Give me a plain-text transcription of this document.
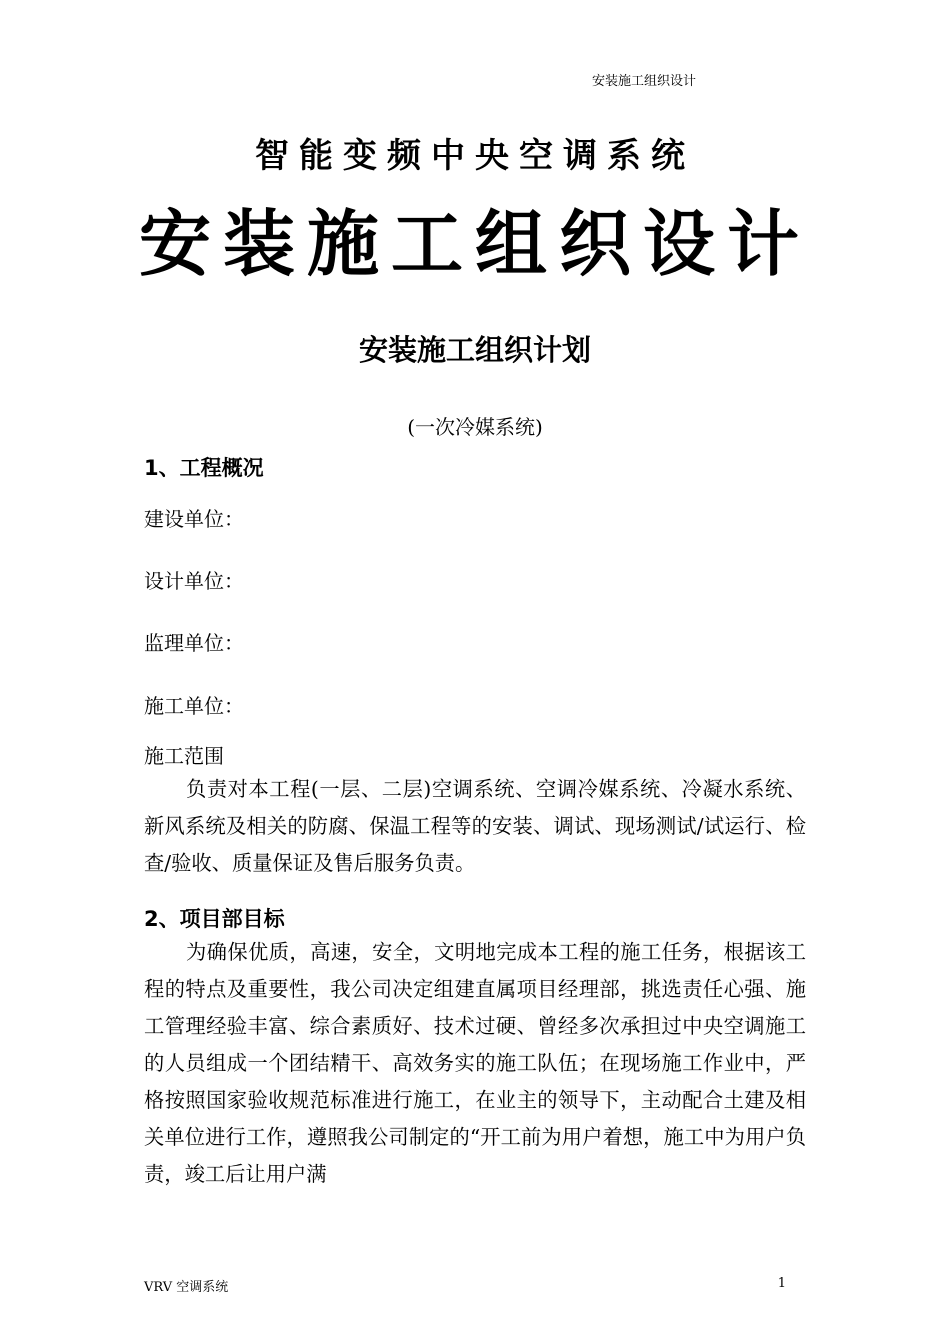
安装施工组织设计
智能变频中央空调系统
安装施工组织设计
安装施工组织计划
(一次冷媒系统)
1、工程概况
建设单位：
设计单位：
监理单位：
施工单位：
施工范围
负责对本工程(一层、二层)空调系统、空调冷媒系统、冷凝水系统、新风系统及相关的防腐、保温工程等的安装、调试、现场测试/试运行、检查/验收、质量保证及售后服务负责。
2、项目部目标
为确保优质，高速，安全，文明地完成本工程的施工任务，根据该工程的特点及重要性，我公司决定组建直属项目经理部，挑选责任心强、施工管理经验丰富、综合素质好、技术过硬、曾经多次承担过中央空调施工的人员组成一个团结精干、高效务实的施工队伍；在现场施工作业中，严格按照国家验收规范标准进行施工，在业主的领导下，主动配合土建及相关单位进行工作，遵照我公司制定的“开工前为用户着想，施工中为用户负责，竣工后让用户满
VRV 空调系统	1
